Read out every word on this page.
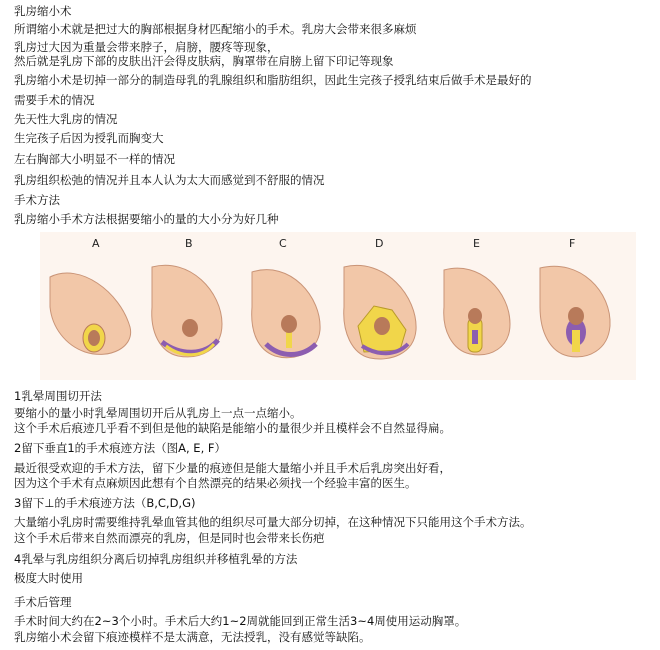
乳房缩小术
所谓缩小术就是把过大的胸部根据身材匹配缩小的手术。乳房大会带来很多麻烦
乳房过大因为重量会带来脖子，肩膀，腰疼等现象，
然后就是乳房下部的皮肤出汗会得皮肤病，胸罩带在肩膀上留下印记等现象
乳房缩小术是切掉一部分的制造母乳的乳腺组织和脂肪组织，因此生完孩子授乳结束后做手术是最好的
需要手术的情况
先天性大乳房的情况
生完孩子后因为授乳而胸变大
左右胸部大小明显不一样的情况
乳房组织松弛的情况并且本人认为太大而感觉到不舒服的情况
手术方法
乳房缩小手术方法根据要缩小的量的大小分为好几种
A	B	C	D	E	F
1乳晕周围切开法
要缩小的量小时乳晕周围切开后从乳房上一点一点缩小。
这个手术后痕迹几乎看不到但是他的缺陷是能缩小的量很少并且模样会不自然显得扁。
2留下垂直1的手术痕迹方法（图A, E, F）
最近很受欢迎的手术方法，留下少量的痕迹但是能大量缩小并且手术后乳房突出好看，
因为这个手术有点麻烦因此想有个自然漂亮的结果必须找一个经验丰富的医生。
3留下⊥的手术痕迹方法（B,C,D,G)
大量缩小乳房时需要维持乳晕血管其他的组织尽可量大部分切掉，在这种情况下只能用这个手术方法。
这个手术后带来自然而漂亮的乳房，但是同时也会带来长伤疤
4乳晕与乳房组织分离后切掉乳房组织并移植乳晕的方法
极度大时使用
手术后管理
手术时间大约在2~3个小时。手术后大约1~2周就能回到正常生活3~4周使用运动胸罩。
乳房缩小术会留下痕迹模样不是太满意，无法授乳，没有感觉等缺陷。
